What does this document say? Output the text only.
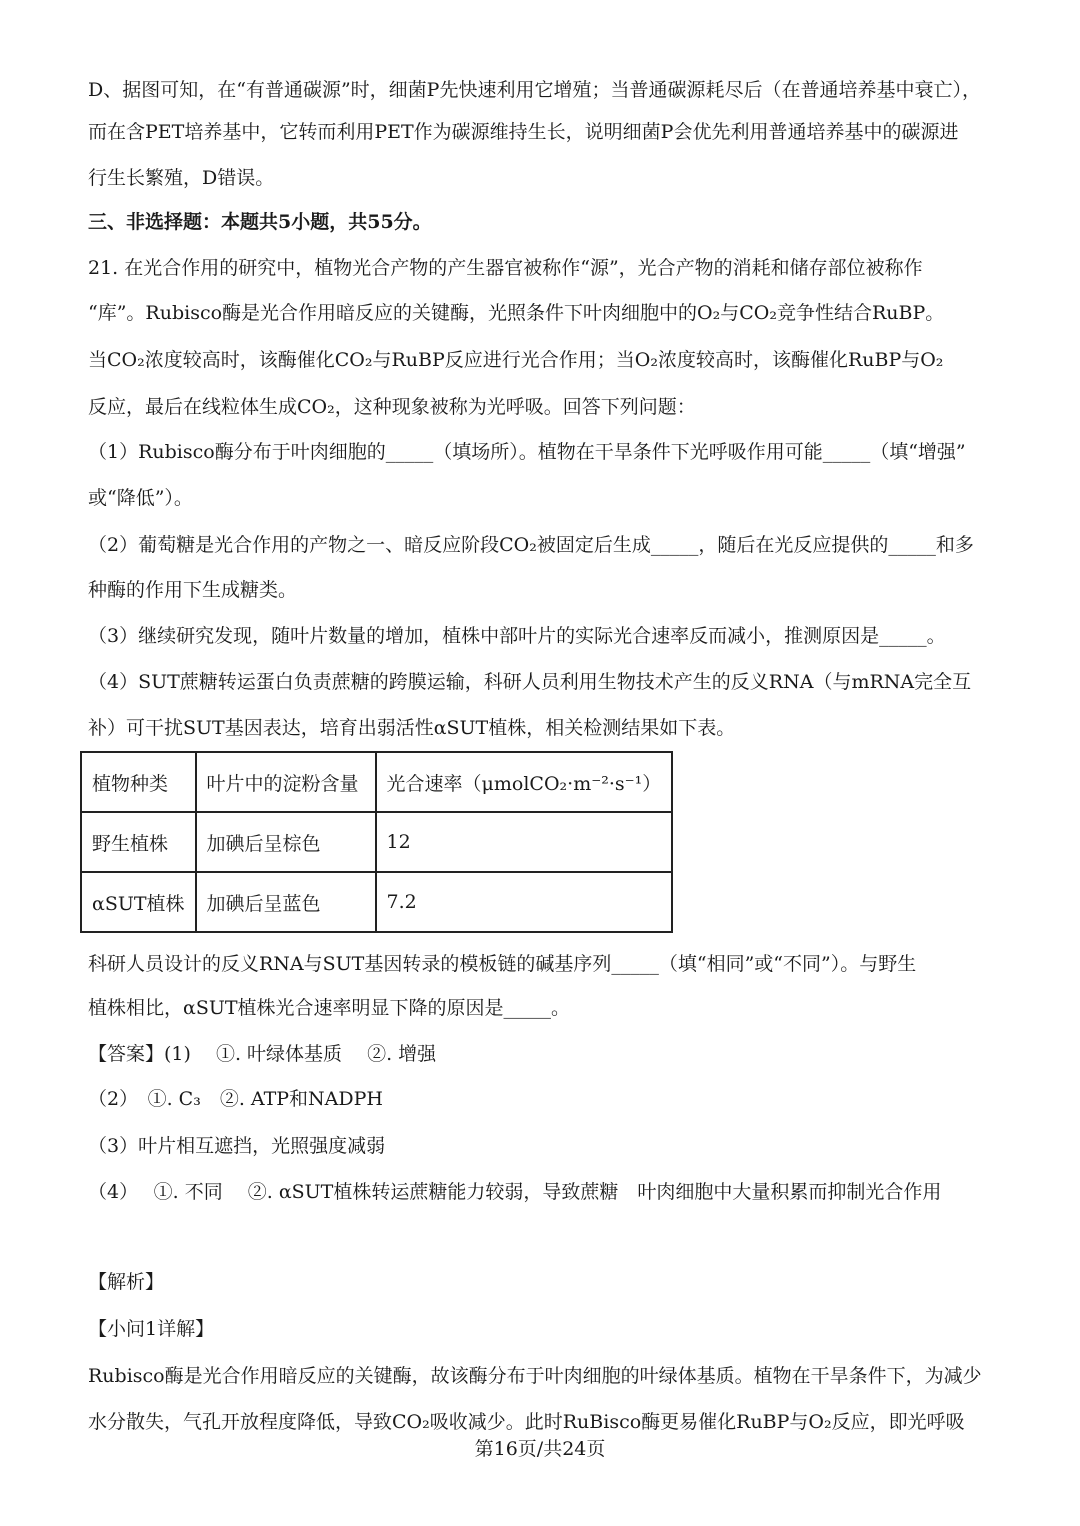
D、据图可知，在“有普通碳源”时，细菌P先快速利用它增殖；当普通碳源耗尽后（在普通培养基中衰亡），
而在含PET培养基中，它转而利用PET作为碳源维持生长，说明细菌P会优先利用普通培养基中的碳源进
行生长繁殖，D错误。
三、非选择题：本题共5小题，共55分。
21. 在光合作用的研究中，植物光合产物的产生器官被称作“源”，光合产物的消耗和储存部位被称作
“库”。Rubisco酶是光合作用暗反应的关键酶，光照条件下叶肉细胞中的O₂与CO₂竞争性结合RuBP。
当CO₂浓度较高时，该酶催化CO₂与RuBP反应进行光合作用；当O₂浓度较高时，该酶催化RuBP与O₂
反应，最后在线粒体生成CO₂，这种现象被称为光呼吸。回答下列问题：
（1）Rubisco酶分布于叶肉细胞的_____（填场所）。植物在干旱条件下光呼吸作用可能_____（填“增强”
或“降低”）。
（2）葡萄糖是光合作用的产物之一、暗反应阶段CO₂被固定后生成_____，随后在光反应提供的_____和多
种酶的作用下生成糖类。
（3）继续研究发现，随叶片数量的增加，植株中部叶片的实际光合速率反而减小，推测原因是_____。
（4）SUT蔗糖转运蛋白负责蔗糖的跨膜运输，科研人员利用生物技术产生的反义RNA（与mRNA完全互
补）可干扰SUT基因表达，培育出弱活性αSUT植株，相关检测结果如下表。
植物种类	叶片中的淀粉含量	光合速率（μmolCO₂·m⁻²·s⁻¹）
野生植株	加碘后呈棕色	12
αSUT植株	加碘后呈蓝色	7.2
科研人员设计的反义RNA与SUT基因转录的模板链的碱基序列_____（填“相同”或“不同”）。与野生
植株相比，αSUT植株光合速率明显下降的原因是_____。
【答案】(1)　 ①. 叶绿体基质　 ②. 增强
（2）　①. C₃　②. ATP和NADPH
（3）叶片相互遮挡，光照强度减弱
（4）　 ①. 不同　 ②. αSUT植株转运蔗糖能力较弱，导致蔗糖　叶肉细胞中大量积累而抑制光合作用
【解析】
【小问1详解】
Rubisco酶是光合作用暗反应的关键酶，故该酶分布于叶肉细胞的叶绿体基质。植物在干旱条件下，为减少
水分散失，气孔开放程度降低，导致CO₂吸收减少。此时RuBisco酶更易催化RuBP与O₂反应，即光呼吸
第16页/共24页
